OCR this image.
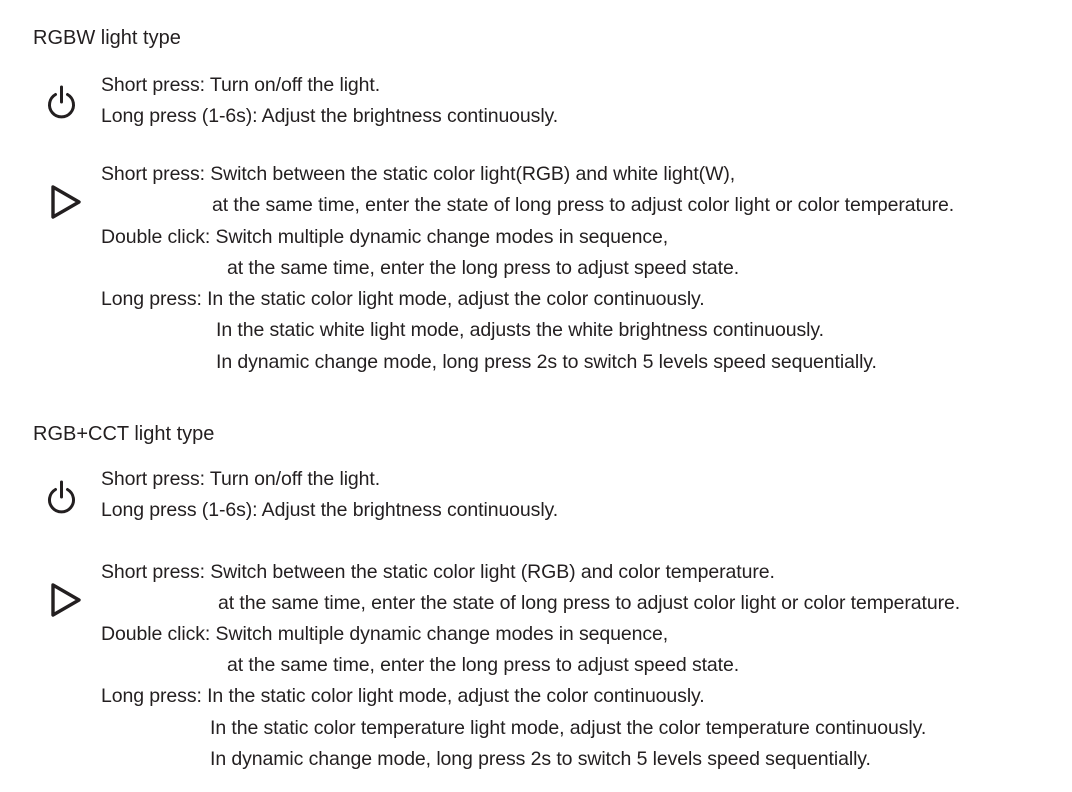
RGBW light type
Short press: Turn on/off the light.
Long press (1-6s): Adjust the brightness continuously.
Short press: Switch between the static color light(RGB) and white light(W),
at the same time, enter the state of long press to adjust color light or color temperature.
Double click: Switch multiple dynamic change modes in sequence,
at the same time, enter the long press to adjust speed state.
Long press: In the static color light mode, adjust the color continuously.
In the static white light mode, adjusts the white brightness continuously.
In dynamic change mode, long press 2s to switch 5 levels speed sequentially.
RGB+CCT light type
Short press: Turn on/off the light.
Long press (1-6s): Adjust the brightness continuously.
Short press: Switch between the static color light (RGB) and color temperature.
at the same time, enter the state of long press to adjust color light or color temperature.
Double click: Switch multiple dynamic change modes in sequence,
at the same time, enter the long press to adjust speed state.
Long press: In the static color light mode, adjust the color continuously.
In the static color temperature light mode, adjust the color temperature continuously.
In dynamic change mode, long press 2s to switch 5 levels speed sequentially.
